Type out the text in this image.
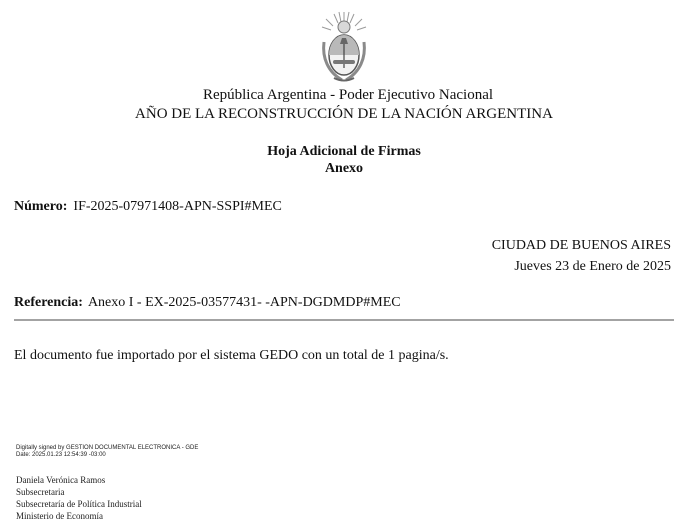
República Argentina - Poder Ejecutivo Nacional
AÑO DE LA RECONSTRUCCIÓN DE LA NACIÓN ARGENTINA
Hoja Adicional de Firmas
Anexo
Número: IF-2025-07971408-APN-SSPI#MEC
CIUDAD DE BUENOS AIRES
Jueves 23 de Enero de 2025
Referencia: Anexo I - EX-2025-03577431- -APN-DGDMDP#MEC
El documento fue importado por el sistema GEDO con un total de 1 pagina/s.
Digitally signed by GESTION DOCUMENTAL ELECTRONICA - GDE
Date: 2025.01.23 12:54:39 -03:00
Daniela Verónica Ramos
Subsecretaria
Subsecretaría de Política Industrial
Ministerio de Economía
